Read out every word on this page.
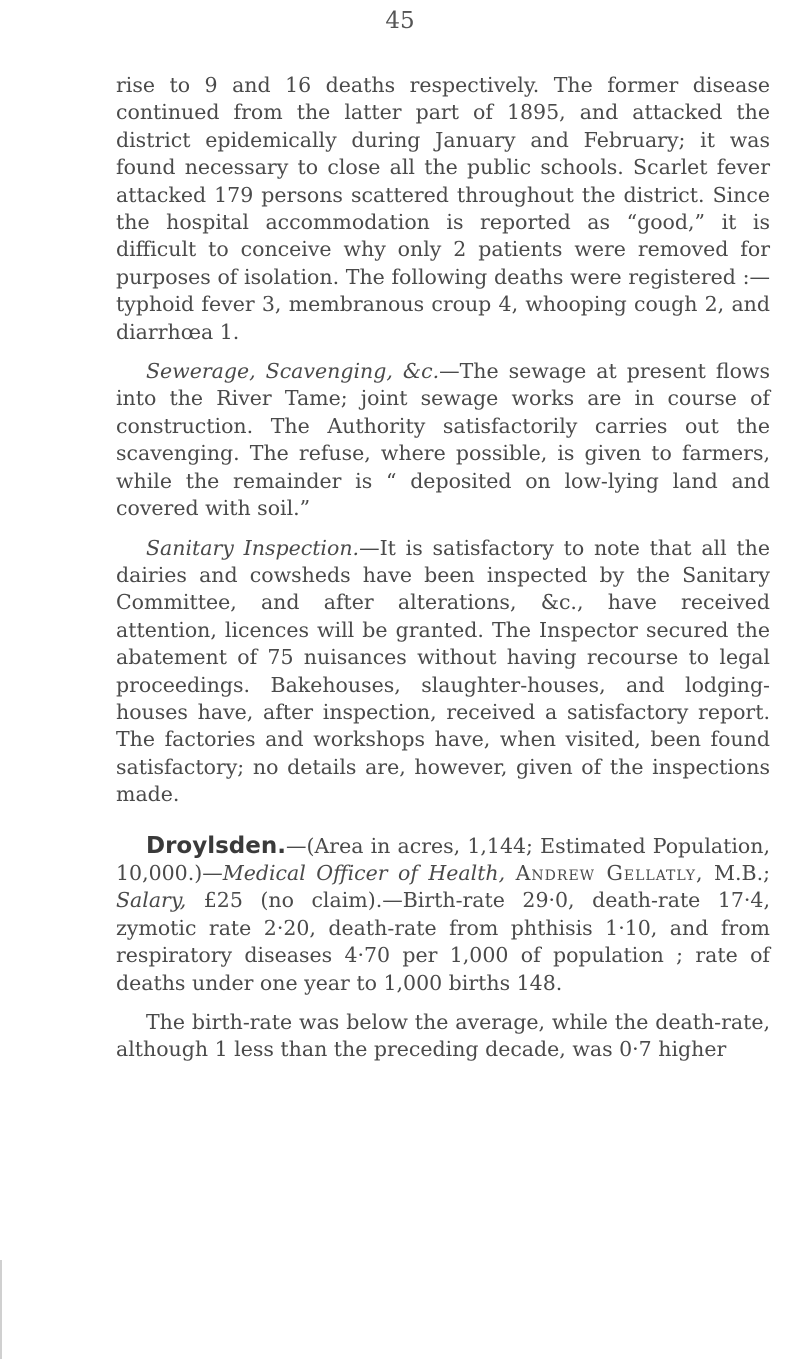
45

rise to 9 and 16 deaths respectively. The former disease continued from the latter part of 1895, and attacked the district epidemically during January and February; it was found necessary to close all the public schools. Scarlet fever attacked 179 persons scattered throughout the district. Since the hospital accommodation is reported as “good,” it is difficult to conceive why only 2 patients were removed for purposes of isolation. The following deaths were registered :—typhoid fever 3, membranous croup 4, whooping cough 2, and diarrhœa 1.

Sewerage, Scavenging, &c.—The sewage at present flows into the River Tame; joint sewage works are in course of construction. The Authority satisfactorily carries out the scavenging. The refuse, where possible, is given to farmers, while the remainder is “ deposited on low-lying land and covered with soil.”

Sanitary Inspection.—It is satisfactory to note that all the dairies and cowsheds have been inspected by the Sanitary Committee, and after alterations, &c., have received attention, licences will be granted. The Inspector secured the abatement of 75 nuisances without having recourse to legal proceedings. Bakehouses, slaughter-houses, and lodging-houses have, after inspection, received a satisfactory report. The factories and workshops have, when visited, been found satisfactory; no details are, however, given of the inspections made.

Droylsden.—(Area in acres, 1,144; Estimated Population, 10,000.)—Medical Officer of Health, Andrew Gellatly, M.B.; Salary, £25 (no claim).—Birth-rate 29·0, death-rate 17·4, zymotic rate 2·20, death-rate from phthisis 1·10, and from respiratory diseases 4·70 per 1,000 of population ; rate of deaths under one year to 1,000 births 148.

The birth-rate was below the average, while the death-rate, although 1 less than the preceding decade, was 0·7 higher
